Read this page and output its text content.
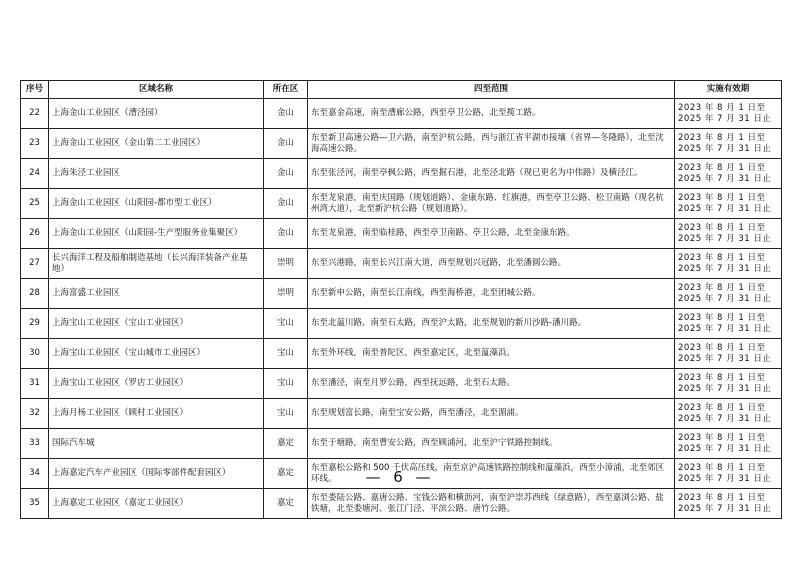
序号	区域名称	所在区	四至范围	实施有效期
22	上海金山工业园区（漕泾园）	金山	东至嘉金高速，南至漕廊公路，西至亭卫公路，北至揽工路。	2023 年 8 月 1 日至 2025 年 7 月 31 日止
23	上海金山工业园区（金山第二工业园区）	金山	东至新卫高速公路—卫六路，南至沪杭公路，西与浙江省平湖市接壤（省界—冬隆路），北至沈海高速公路。	2023 年 8 月 1 日至 2025 年 7 月 31 日止
24	上海朱泾工业园区	金山	东至张泾河，南至亭枫公路，西至掘石港，北至泾北路（现已更名为中伟路）及横泾江。	2023 年 8 月 1 日至 2025 年 7 月 31 日止
25	上海金山工业园区（山阳园-都市型工业区）	金山	东至龙泉港，南至庆国路（规划道路）、金康东路、红旗港，西至亭卫公路、松卫南路（现名杭州湾大道），北至新沪杭公路（规划道路）。	2023 年 8 月 1 日至 2025 年 7 月 31 日止
26	上海金山工业园区（山阳园-生产型服务业集聚区）	金山	东至龙泉港，南至临桂路，西至亭卫南路、亭卫公路，北至金康东路。	2023 年 8 月 1 日至 2025 年 7 月 31 日止
27	长兴海洋工程及船舶制造基地（长兴海洋装备产业基地）	崇明	东至兴港路，南至长兴江南大道，西至规划兴冠路，北至潘圆公路。	2023 年 8 月 1 日至 2025 年 7 月 31 日止
28	上海富盛工业园区	崇明	东至新申公路，南至长江南线，西至海桥港，北至团城公路。	2023 年 8 月 1 日至 2025 年 7 月 31 日止
29	上海宝山工业园区（宝山工业园区）	宝山	东至北蕰川路，南至石太路，西至沪太路，北至规划的新川沙路-潘川路。	2023 年 8 月 1 日至 2025 年 7 月 31 日止
30	上海宝山工业园区（宝山城市工业园区）	宝山	东至外环线，南至普陀区，西至嘉定区，北至蕰藻浜。	2023 年 8 月 1 日至 2025 年 7 月 31 日止
31	上海宝山工业园区（罗店工业园区）	宝山	东至潘泾，南至月罗公路，西至抚远路，北至石太路。	2023 年 8 月 1 日至 2025 年 7 月 31 日止
32	上海月杨工业园区（顾村工业园区）	宝山	东至规划富长路，南至宝安公路，西至潘泾，北至湄浦。	2023 年 8 月 1 日至 2025 年 7 月 31 日止
33	国际汽车城	嘉定	东至于塘路，南至曹安公路，西至顾浦河，北至沪宁铁路控制线。	2023 年 8 月 1 日至 2025 年 7 月 31 日止
34	上海嘉定汽车产业园区（国际零部件配套园区）	嘉定	东至嘉松公路和 500 千伏高压线，南至京沪高速铁路控制线和蕰藻浜，西至小漳浦，北至郊区环线。	2023 年 8 月 1 日至 2025 年 7 月 31 日止
35	上海嘉定工业园区（嘉定工业园区）	嘉定	东至娄陆公路、嘉唐公路、宝钱公路和横沥河，南至沪崇苏西线（绿意路），西至嘉浏公路、盐铁塘，北至娄塘河、张江门泾、平滨公路、唐竹公路。	2023 年 8 月 1 日至 2025 年 7 月 31 日止
— 6 —
